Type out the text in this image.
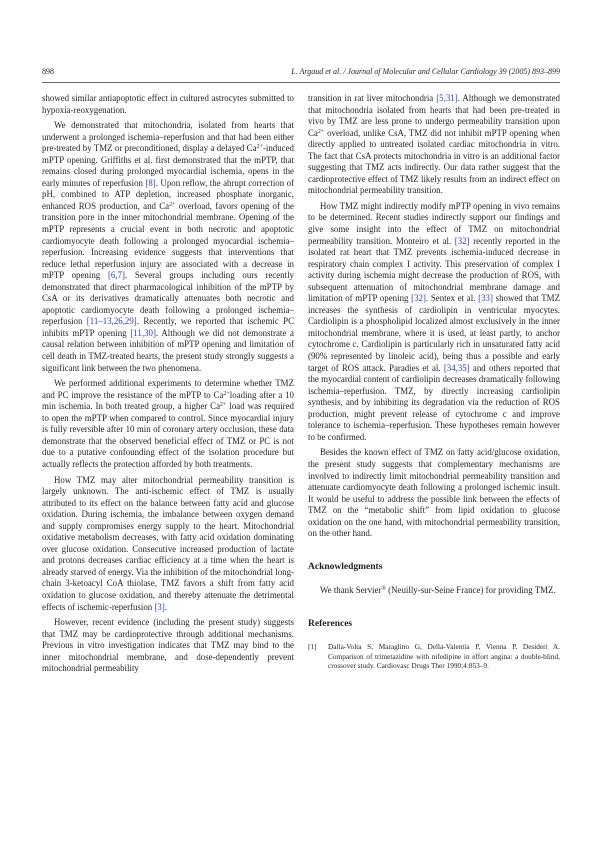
898	L. Argaud et al. / Journal of Molecular and Cellular Cardiology 39 (2005) 893–899

showed similar antiapoptotic effect in cultured astrocytes submitted to hypoxia-reoxygenation.

We demonstrated that mitochondria, isolated from hearts that underwent a prolonged ischemia–reperfusion and that had been either pre-treated by TMZ or preconditioned, display a delayed $Ca^{2+}$-induced mPTP opening. Griffiths et al. first demonstrated that the mPTP, that remains closed during prolonged myocardial ischemia, opens in the early minutes of reperfusion [8]. Upon reflow, the abrupt correction of pH, combined to ATP depletion, increased phosphate inorganic, enhanced ROS production, and $Ca^{2+}$ overload, favors opening of the transition pore in the inner mitochondrial membrane. Opening of the mPTP represents a crucial event in both necrotic and apoptotic cardiomyocyte death following a prolonged myocardial ischemia–reperfusion. Increasing evidence suggests that interventions that reduce lethal reperfusion injury are associated with a decrease in mPTP opening [6,7]. Several groups including ours recently demonstrated that direct pharmacological inhibition of the mPTP by CsA or its derivatives dramatically attenuates both necrotic and apoptotic cardiomyocyte death following a prolonged ischemia–reperfusion [11–13,26,29]. Recently, we reported that ischemic PC inhibits mPTP opening [11,30]. Although we did not demonstrate a causal relation between inhibition of mPTP opening and limitation of cell death in TMZ-treated hearts, the present study strongly suggests a significant link between the two phenomena.

We performed additional experiments to determine whether TMZ and PC improve the resistance of the mPTP to $Ca^{2+}loading$ after a 10 min ischemia. In both treated group, a higher $Ca^{2+}$ load was required to open the mPTP when compared to control. Since myocardial injury is fully reversible after 10 min of coronary artery occlusion, these data demonstrate that the observed beneficial effect of TMZ or PC is not due to a putative confounding effect of the isolation procedure but actually reflects the protection afforded by both treatments.

How TMZ may alter mitochondrial permeability transition is largely unknown. The anti-ischemic effect of TMZ is usually attributed to its effect on the balance between fatty acid and glucose oxidation. During ischemia, the imbalance between oxygen demand and supply compromises energy supply to the heart. Mitochondrial oxidative metabolism decreases, with fatty acid oxidation dominating over glucose oxidation. Consecutive increased production of lactate and protons decreases cardiac efficiency at a time when the heart is already starved of energy. Via the inhibition of the mitochondrial long-chain 3-ketoacyl CoA thiolase, TMZ favors a shift from fatty acid oxidation to glucose oxidation, and thereby attenuate the detrimental effects of ischemic-reperfusion [3].

However, recent evidence (including the present study) suggests that TMZ may be cardioprotective through additional mechanisms. Previous in vitro investigation indicates that TMZ may bind to the inner mitochondrial membrane, and dose-dependently prevent mitochondrial permeability

transition in rat liver mitochondria [5,31]. Although we demonstrated that mitochondria isolated from hearts that had been pre-treated in vivo by TMZ are less prone to undergo permeability transition upon $Ca^{2+}$ overload, unlike CsA, TMZ did not inhibit mPTP opening when directly applied to untreated isolated cardiac mitochondria in vitro. The fact that CsA protects mitochondria in vitro is an additional factor suggesting that TMZ acts indirectly. Our data rather suggest that the cardioprotective effect of TMZ likely results from an indirect effect on mitochondrial permeability transition.

How TMZ might indirectly modify mPTP opening in vivo remains to be determined. Recent studies indirectly support our findings and give some insight into the effect of TMZ on mitochondrial permeability transition. Monteiro et al. [32] recently reported in the isolated rat heart that TMZ prevents ischemia-induced decrease in respiratory chain complex I activity. This preservation of complex I activity during ischemia might decrease the production of ROS, with subsequent attenuation of mitochondrial membrane damage and limitation of mPTP opening [32]. Sentex et al. [33] showed that TMZ increases the synthesis of cardiolipin in ventricular myocytes. Cardiolipin is a phospholipid localized almost exclusively in the inner mitochondrial membrane, where it is used, at least partly, to anchor cytochrome c. Cardiolipin is particularly rich in unsaturated fatty acid (90% represented by linoleic acid), being thus a possible and early target of ROS attack. Paradies et al. [34,35] and others reported that the myocardial content of cardiolipin decreases dramatically following ischemia–reperfusion. TMZ, by directly increasing cardiolipin synthesis, and by inhibiting its degradation via the reduction of ROS production, might prevent release of cytochrome c and improve tolerance to ischemia–reperfusion. These hypotheses remain however to be confirmed.

Besides the known effect of TMZ on fatty acid/glucose oxidation, the present study suggests that complementary mechanisms are involved to indirectly limit mitochondrial permeability transition and attenuate cardiomyocyte death following a prolonged ischemic insult. It would be useful to address the possible link between the effects of TMZ on the “metabolic shift” from lipid oxidation to glucose oxidation on the one hand, with mitochondrial permeability transition, on the other hand.

Acknowledgments

We thank Servier® (Neuilly-sur-Seine France) for providing TMZ.

References
[1] Dalla-Volta S, Maraglino G, Della-Valentia P, Vienna P, Desideri A. Comparison of trimetazidine with nifedipine in effort angina: a double-blind, crossover study. Cardiovasc Drugs Ther 1990;4:853–9.
